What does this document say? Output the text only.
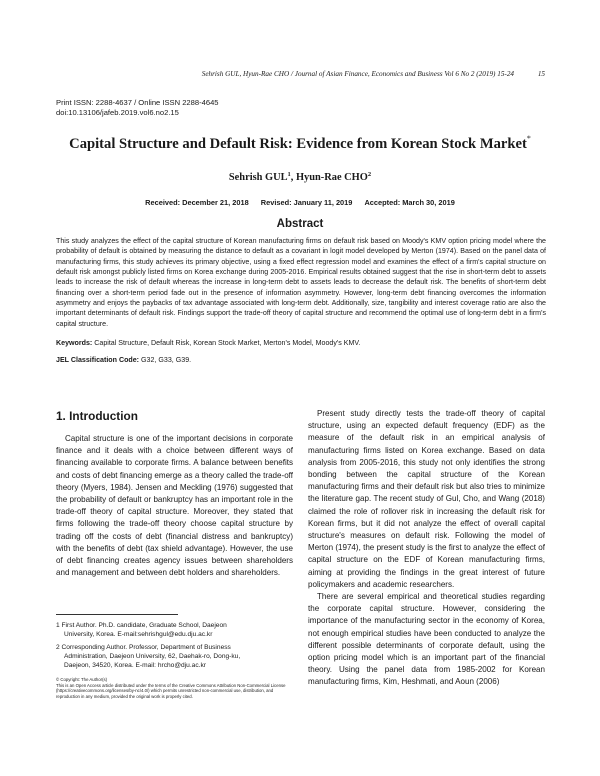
Sehrish GUL, Hyun-Rae CHO / Journal of Asian Finance, Economics and Business Vol 6 No 2 (2019) 15-24	15
Print ISSN: 2288-4637 / Online ISSN 2288-4645
doi:10.13106/jafeb.2019.vol6.no2.15
Capital Structure and Default Risk: Evidence from Korean Stock Market*
Sehrish GUL$^1$, Hyun-Rae CHO$^2$
Received: December 21, 2018 Revised: January 11, 2019 Accepted: March 30, 2019
Abstract
This study analyzes the effect of the capital structure of Korean manufacturing firms on default risk based on Moody's KMV option pricing model where the probability of default is obtained by measuring the distance to default as a covariant in logit model developed by Merton (1974). Based on the panel data of manufacturing firms, this study achieves its primary objective, using a fixed effect regression model and examines the effect of a firm's capital structure on default risk amongst publicly listed firms on Korea exchange during 2005-2016. Empirical results obtained suggest that the rise in short-term debt to assets leads to increase the risk of default whereas the increase in long-term debt to assets leads to decrease the default risk. The benefits of short-term debt financing over a short-term period fade out in the presence of information asymmetry. However, long-term debt financing overcomes the information asymmetry and enjoys the paybacks of tax advantage associated with long-term debt. Additionally, size, tangibility and interest coverage ratio are also the important determinants of default risk. Findings support the trade-off theory of capital structure and recommend the optimal use of long-term debt in a firm's capital structure.
Keywords: Capital Structure, Default Risk, Korean Stock Market, Merton's Model, Moody's KMV.
JEL Classification Code: G32, G33, G39.
1. Introduction

Capital structure is one of the important decisions in corporate finance and it deals with a choice between different ways of financing available to corporate firms. A balance between benefits and costs of debt financing emerge as a theory called the trade-off theory (Myers, 1984). Jensen and Meckling (1976) suggested that the probability of default or bankruptcy has an important role in the trade-off theory of capital structure. Moreover, they stated that firms following the trade-off theory choose capital structure by trading off the costs of debt (financial distress and bankruptcy) with the benefits of debt (tax shield advantage). However, the use of debt financing creates agency issues between shareholders and management and between debt holders and shareholders.

Present study directly tests the trade-off theory of capital structure, using an expected default frequency (EDF) as the measure of the default risk in an empirical analysis of manufacturing firms listed on Korea exchange. Based on data analysis from 2005-2016, this study not only identifies the strong bonding between the capital structure of the Korean manufacturing firms and their default risk but also tries to minimize the literature gap. The recent study of Gul, Cho, and Wang (2018) claimed the role of rollover risk in increasing the default risk for Korean firms, but it did not analyze the effect of overall capital structure's measures on default risk. Following the model of Merton (1974), the present study is the first to analyze the effect of capital structure on the EDF of Korean manufacturing firms, aiming at providing the findings in the great interest of future policymakers and academic researchers.

There are several empirical and theoretical studies regarding the corporate capital structure. However, considering the importance of the manufacturing sector in the economy of Korea, not enough empirical studies have been conducted to analyze the different possible determinants of corporate default, using the option pricing model which is an important part of the financial theory. Using the panel data from 1985-2002 for Korean manufacturing firms, Kim, Heshmati, and Aoun (2006)

1 First Author. Ph.D. candidate, Graduate School, Daejeon
University, Korea. E-mail:sehrishgul@edu.dju.ac.kr
2 Corresponding Author. Professor, Department of Business
Administration, Daejeon University, 62, Daehak-ro, Dong-ku,
Daejeon, 34520, Korea. E-mail: hrcho@dju.ac.kr
© Copyright: The Author(s)
This is an Open Access article distributed under the terms of the Creative Commons Attribution Non-Commercial License (https://creativecommons.org/licenses/by-nc/4.0/) which permits unrestricted non-commercial use, distribution, and reproduction in any medium, provided the original work is properly cited.
